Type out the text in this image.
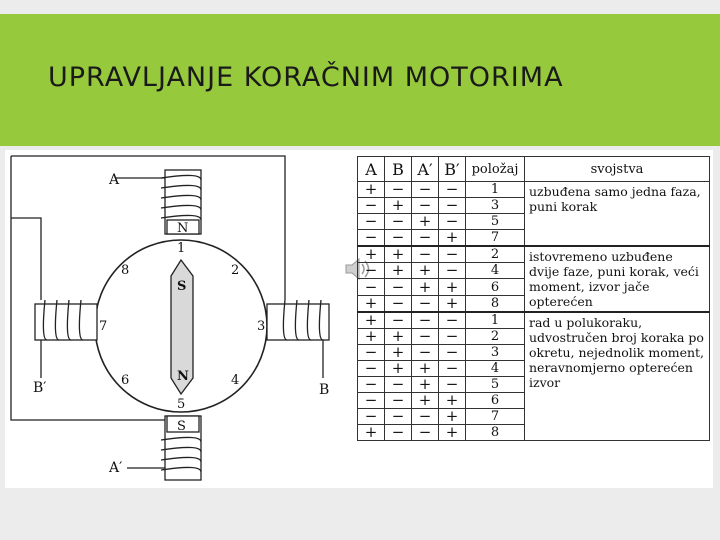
UPRAVLJANJE KORAČNIM MOTORIMA
A
A′
B′	B
N
S
S
N
1
2
3
4
5
6
7
8
A	B	A′	B′	položaj	svojstva
+	−	−	−	1	uzbuđena samo jedna faza, puni korak
−	+	−	−	3	
−	−	+	−	5	
−	−	−	+	7	
+	+	−	−	2	istovremeno uzbuđene dvije faze, puni korak, veći moment, izvor jače opterećen
−	+	+	−	4	
−	−	+	+	6	
+	−	−	+	8	
+	−	−	−	1	rad u polukoraku, udvostručen broj koraka po okretu, nejednolik moment, neravnomjerno opterećen izvor
+	+	−	−	2	
−	+	−	−	3	
−	+	+	−	4	
−	−	+	−	5	
−	−	+	+	6	
−	−	−	+	7	
+	−	−	+	8	
